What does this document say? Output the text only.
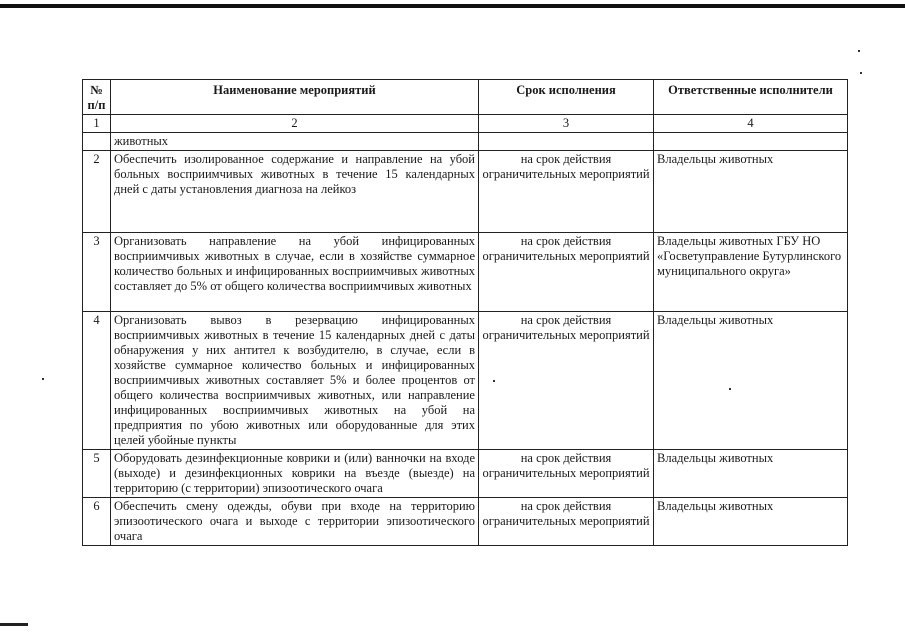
№ п/п	Наименование мероприятий	Срок исполнения	Ответственные исполнители
1	2	3	4
	животных		
2	Обеспечить изолированное содержание и направление на убой больных восприимчивых животных в течение 15 календарных дней с даты установления диагноза на лейкоз	на срок действия ограничительных мероприятий	Владельцы животных
3	Организовать направление на убой инфицированных восприимчивых животных в случае, если в хозяйстве суммарное количество больных и инфицированных восприимчивых животных составляет до 5% от общего количества восприимчивых животных	на срок действия ограничительных мероприятий	Владельцы животных ГБУ НО «Госветуправление Бутурлинского муниципального округа»
4	Организовать вывоз в резервацию инфицированных восприимчивых животных в течение 15 календарных дней с даты обнаружения у них антител к возбудителю, в случае, если в хозяйстве суммарное количество больных и инфицированных восприимчивых животных составляет 5% и более процентов от общего количества восприимчивых животных, или направление инфицированных восприимчивых животных на убой на предприятия по убою животных или оборудованные для этих целей убойные пункты	на срок действия ограничительных мероприятий	Владельцы животных
5	Оборудовать дезинфекционные коврики и (или) ванночки на входе (выходе) и дезинфекционных коврики на въезде (выезде) на территорию (с территории) эпизоотического очага	на срок действия ограничительных мероприятий	Владельцы животных
6	Обеспечить смену одежды, обуви при входе на территорию эпизоотического очага и выходе с территории эпизоотического очага	на срок действия ограничительных мероприятий	Владельцы животных
